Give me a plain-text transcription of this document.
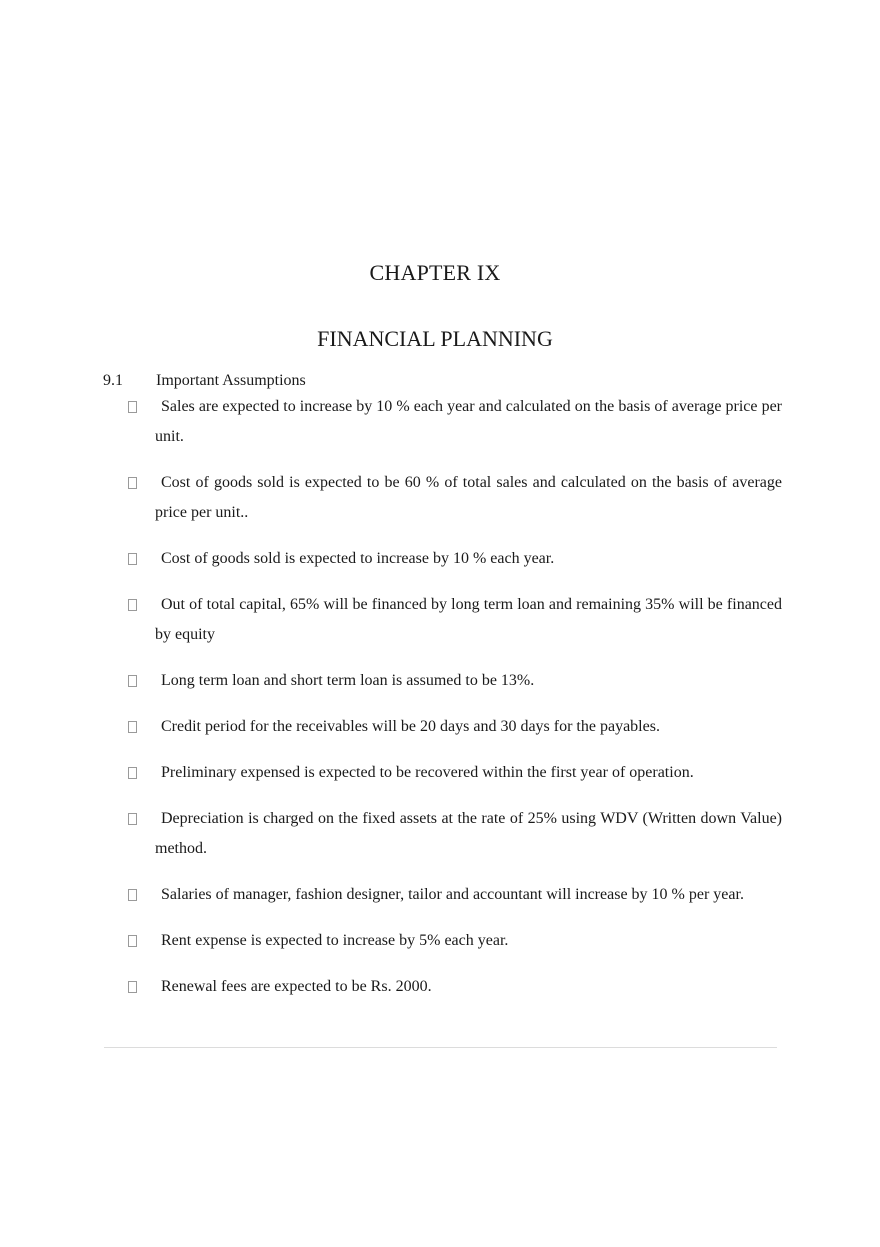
CHAPTER IX
FINANCIAL PLANNING
9.1 Important Assumptions
Sales are expected to increase by 10 % each year and calculated on the basis of average price per unit.
Cost of goods sold is expected to be 60 % of total sales and calculated on the basis of average price per unit..
Cost of goods sold is expected to increase by 10 % each year.
Out of total capital, 65% will be financed by long term loan and remaining 35% will be financed by equity
Long term loan and short term loan is assumed to be 13%.
Credit period for the receivables will be 20 days and 30 days for the payables.
Preliminary expensed is expected to be recovered within the first year of operation.
Depreciation is charged on the fixed assets at the rate of 25% using WDV (Written down Value) method.
Salaries of manager, fashion designer, tailor and accountant will increase by 10 % per year.
Rent expense is expected to increase by 5% each year.
Renewal fees are expected to be Rs. 2000.
